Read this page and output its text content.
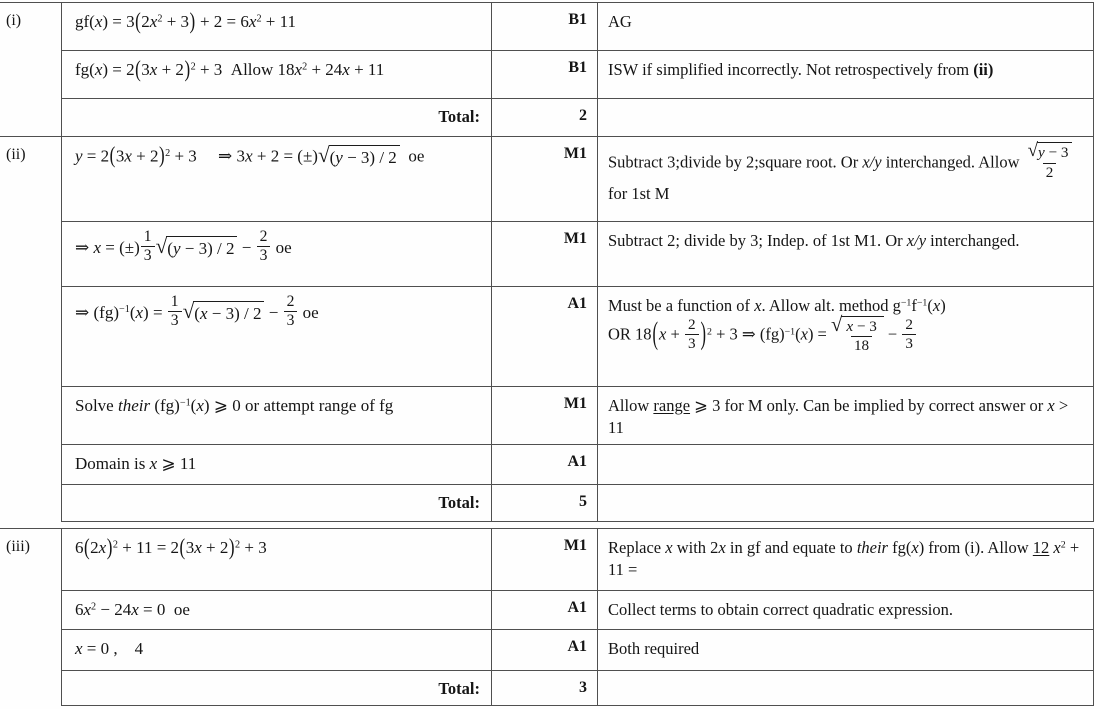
(i)	$gf(x) = 3(2x^2 + 3) + 2 = 6x^2 + 11$	B1	AG
$fg(x) = 2(3x + 2)^2 + 3$ Allow $18x^2 + 24x + 11$	B1	ISW if simplified incorrectly. Not retrospectively from (ii)
Total:	2
(ii)	$y = 2(3x + 2)^2 + 3$  ⇒ 3x + 2 = (±) √ (y − 3) / 2  oe	M1	Subtract 3;divide by 2;square root. Or x/y interchanged. Allow $\frac{√ y - 3}{2}$
for 1st M
⇒ x = (±) $\frac{1}{3}$ √ $(y - 3) / 2 - \frac{2}{3}$ oe	M1	Subtract 2; divide by 3; Indep. of 1st M1. Or x/y interchanged.
⇒ $(fg)^{-1}(x) = \frac{1}{3}$ √ $(x - 3) / 2 - \frac{2}{3}$ oe	A1	Must be a function of x. Allow alt. method $g^{-1}f^{-1}(x)$
OR $18(x + \frac{2}{3} )^2 + 3$ ⇒ (fg)$^{-1}$(x) = √ $\frac{x - 3}{18} - \frac{2}{3}$
Solve their (fg)$^{-1}$(x) ⩾ 0 or attempt range of fg	M1	Allow range ⩾ 3 for M only. Can be implied by correct answer or x > 11
Domain is x ⩾ 11	A1
Total:	5
(iii)	$6(2x)^2 + 11 = 2(3x + 2)^2 + 3$	M1	Replace x with 2x in gf and equate to their fg(x) from (i). Allow 12 $x^2 + 11$ =
$6x^2 - 24x = 0$ oe	A1	Collect terms to obtain correct quadratic expression.
x = 0 , 4	A1	Both required
Total:	3
